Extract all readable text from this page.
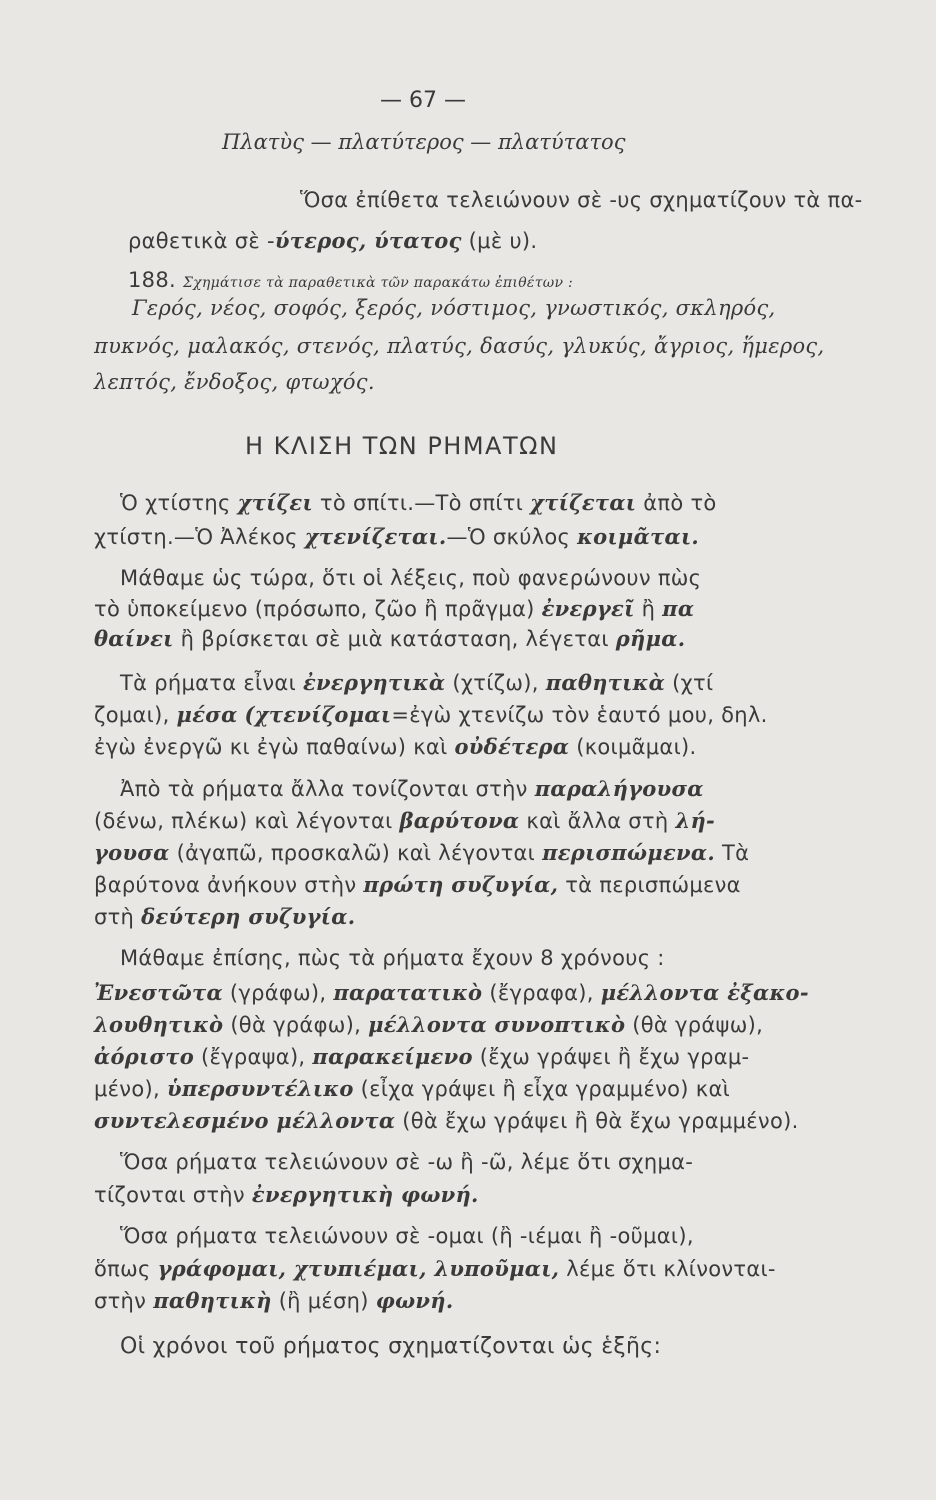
— 67 —
Πλατὺς — πλατύτερος — πλατύτατος
Ὅσα ἐπίθετα τελειώνουν σὲ -υς σχηματίζουν τὰ πα-
ραθετικὰ σὲ -ύτερος, ύτατος (μὲ υ).
188. Σχημάτισε τὰ παραθετικὰ τῶν παρακάτω ἐπιθέτων :
Γερός, νέος, σοφός, ξερός, νόστιμος, γνωστικός, σκληρός,
πυκνός, μαλακός, στενός, πλατύς, δασύς, γλυκύς, ἄγριος, ἥμερος,
λεπτός, ἔνδοξος, φτωχός.
Η ΚΛΙΣΗ ΤΩΝ ΡΗΜΑΤΩΝ
Ὁ χτίστης χτίζει τὸ σπίτι.—Τὸ σπίτι χτίζεται ἀπὸ τὸ
χτίστη.—Ὁ Ἀλέκος χτενίζεται.—Ὁ σκύλος κοιμᾶται.
Μάθαμε ὡς τώρα, ὅτι οἱ λέξεις, ποὺ φανερώνουν πὼς
τὸ ὑποκείμενο (πρόσωπο, ζῶο ἢ πρᾶγμα) ἐνεργεῖ ἢ πα
θαίνει ἢ βρίσκεται σὲ μιὰ κατάσταση, λέγεται ρῆμα.
Τὰ ρήματα εἶναι ἐνεργητικὰ (χτίζω), παθητικὰ (χτί
ζομαι), μέσα (χτενίζομαι=ἐγὼ χτενίζω τὸν ἑαυτό μου, δηλ.
ἐγὼ ἐνεργῶ κι ἐγὼ παθαίνω) καὶ οὐδέτερα (κοιμᾶμαι).
Ἀπὸ τὰ ρήματα ἄλλα τονίζονται στὴν παραλήγουσα
(δένω, πλέκω) καὶ λέγονται βαρύτονα καὶ ἄλλα στὴ λή-
γουσα (ἀγαπῶ, προσκαλῶ) καὶ λέγονται περισπώμενα. Τὰ
βαρύτονα ἀνήκουν στὴν πρώτη συζυγία, τὰ περισπώμενα
στὴ δεύτερη συζυγία.
Μάθαμε ἐπίσης, πὼς τὰ ρήματα ἔχουν 8 χρόνους :
Ἐνεστῶτα (γράφω), παρατατικὸ (ἔγραφα), μέλλοντα ἐξακο-
λουθητικὸ (θὰ γράφω), μέλλοντα συνοπτικὸ (θὰ γράψω),
ἀόριστο (ἔγραψα), παρακείμενο (ἔχω γράψει ἢ ἔχω γραμ-
μένο), ὑπερσυντέλικο (εἶχα γράψει ἢ εἶχα γραμμένο) καὶ
συντελεσμένο μέλλοντα (θὰ ἔχω γράψει ἢ θὰ ἔχω γραμμένο).
Ὅσα ρήματα τελειώνουν σὲ -ω ἢ -ῶ, λέμε ὅτι σχημα-
τίζονται στὴν ἐνεργητικὴ φωνή.
Ὅσα ρήματα τελειώνουν σὲ -ομαι (ἢ -ιέμαι ἢ -οῦμαι),
ὅπως γράφομαι, χτυπιέμαι, λυποῦμαι, λέμε ὅτι κλίνονται-
στὴν παθητικὴ (ἢ μέση) φωνή.
Οἱ χρόνοι τοῦ ρήματος σχηματίζονται ὡς ἑξῆς:
